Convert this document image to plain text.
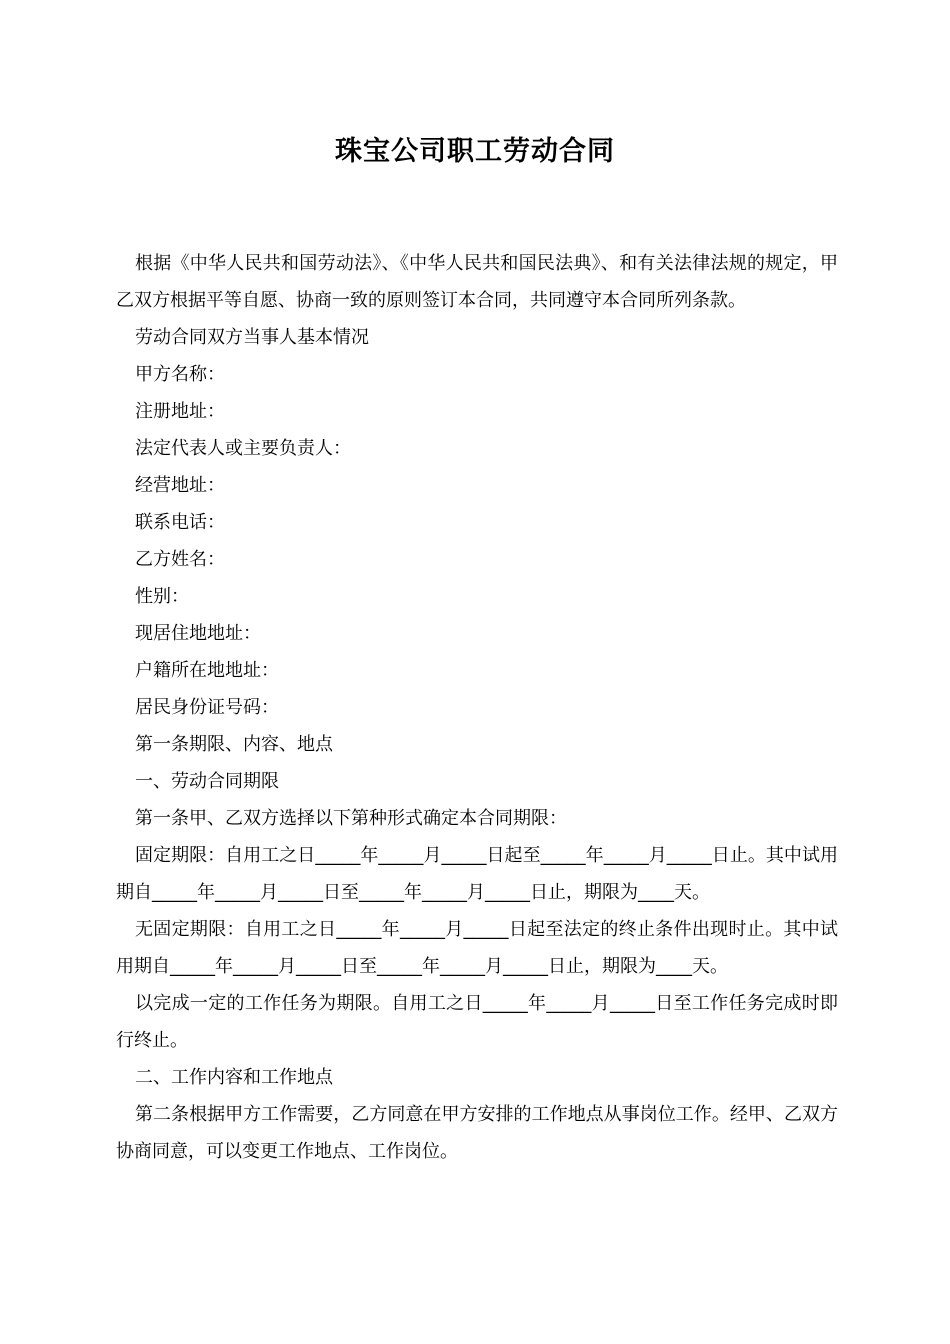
珠宝公司职工劳动合同

根据《中华人民共和国劳动法》、《中华人民共和国民法典》、和有关法律法规的规定，甲乙双方根据平等自愿、协商一致的原则签订本合同，共同遵守本合同所列条款。

劳动合同双方当事人基本情况

甲方名称：

注册地址：

法定代表人或主要负责人：

经营地址：

联系电话：

乙方姓名：

性别：

现居住地地址：

户籍所在地地址：

居民身份证号码：

第一条期限、内容、地点

一、劳动合同期限

第一条甲、乙双方选择以下第种形式确定本合同期限：

固定期限：自用工之日_____年_____月_____日起至_____年_____月_____日止。其中试用期自_____年_____月_____日至_____年_____月_____日止，期限为____天。

无固定期限：自用工之日_____年_____月_____日起至法定的终止条件出现时止。其中试用期自_____年_____月_____日至_____年_____月_____日止，期限为____天。

以完成一定的工作任务为期限。自用工之日_____年_____月_____日至工作任务完成时即行终止。

二、工作内容和工作地点

第二条根据甲方工作需要，乙方同意在甲方安排的工作地点从事岗位工作。经甲、乙双方协商同意，可以变更工作地点、工作岗位。
